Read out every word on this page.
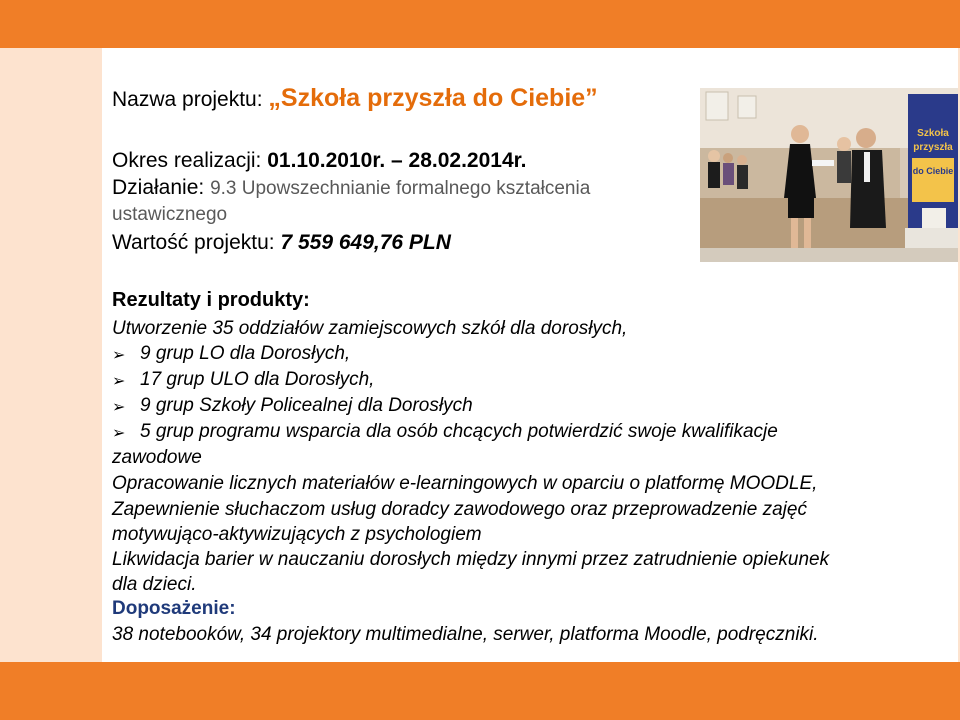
Nazwa projektu: „Szkoła przyszła do Ciebie”
Okres realizacji: 01.10.2010r. – 28.02.2014r.
Działanie: 9.3 Upowszechnianie formalnego kształcenia
ustawicznego
Wartość projektu: 7 559 649,76 PLN
Rezultaty i produkty:
Utworzenie 35 oddziałów zamiejscowych szkół dla dorosłych,
➢ 9 grup LO dla Dorosłych,
➢ 17 grup ULO dla Dorosłych,
➢ 9 grup Szkoły Policealnej dla Dorosłych
➢ 5 grup programu wsparcia dla osób chcących potwierdzić swoje kwalifikacje
zawodowe
Opracowanie licznych materiałów e-learningowych w oparciu o platformę MOODLE,
Zapewnienie słuchaczom usług doradcy zawodowego oraz przeprowadzenie zajęć
motywująco-aktywizujących z psychologiem
Likwidacja barier w nauczaniu dorosłych między innymi przez zatrudnienie opiekunek
dla dzieci.
Doposażenie:
38 notebooków, 34 projektory multimedialne, serwer, platforma Moodle, podręczniki.
Szkoła
przyszła
do Ciebie
